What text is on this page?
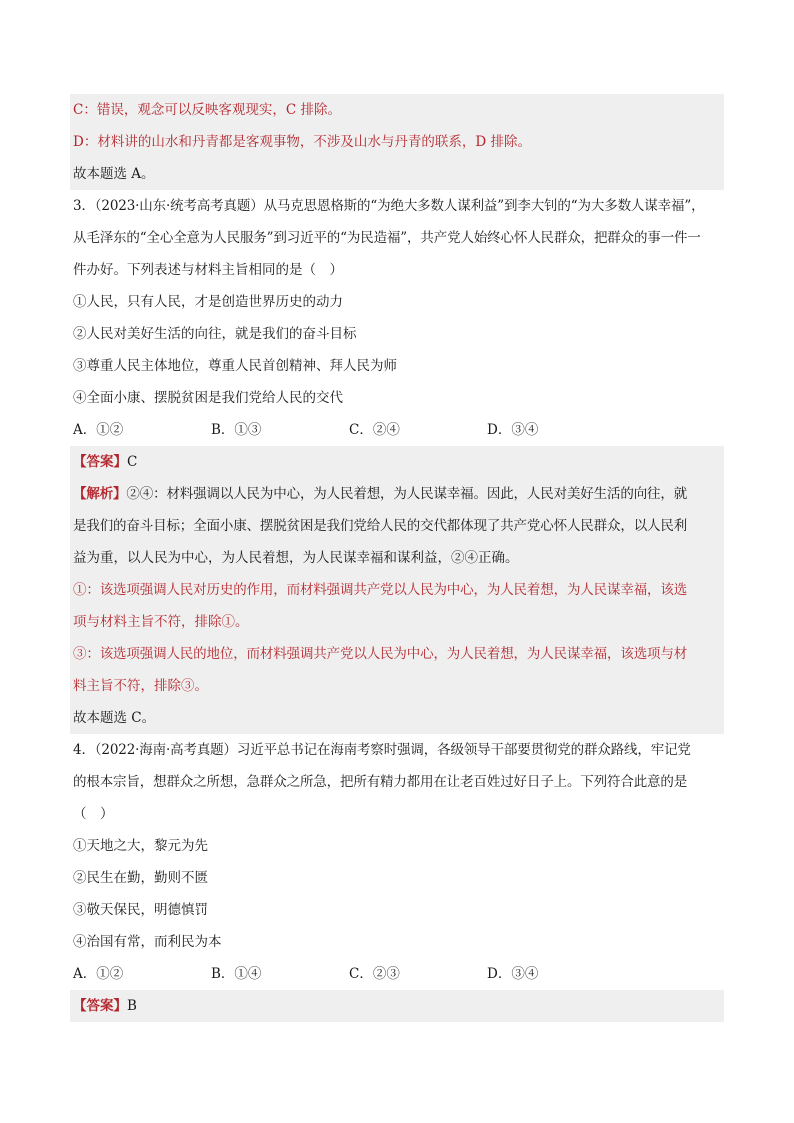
C：错误，观念可以反映客观现实，C 排除。
D：材料讲的山水和丹青都是客观事物，不涉及山水与丹青的联系，D 排除。
故本题选 A。
3．（2023·山东·统考高考真题）从马克思恩格斯的“为绝大多数人谋利益”到李大钊的“为大多数人谋幸福”，
从毛泽东的“全心全意为人民服务”到习近平的“为民造福”，共产党人始终心怀人民群众，把群众的事一件一
件办好。下列表述与材料主旨相同的是（　）
①人民，只有人民，才是创造世界历史的动力
②人民对美好生活的向往，就是我们的奋斗目标
③尊重人民主体地位，尊重人民首创精神、拜人民为师
④全面小康、摆脱贫困是我们党给人民的交代
A．①②	B．①③	C．②④	D．③④
【答案】C
【解析】②④：材料强调以人民为中心，为人民着想，为人民谋幸福。因此，人民对美好生活的向往，就
是我们的奋斗目标；全面小康、摆脱贫困是我们党给人民的交代都体现了共产党心怀人民群众，以人民利
益为重，以人民为中心，为人民着想，为人民谋幸福和谋利益，②④正确。
①：该选项强调人民对历史的作用，而材料强调共产党以人民为中心，为人民着想，为人民谋幸福，该选
项与材料主旨不符，排除①。
③：该选项强调人民的地位，而材料强调共产党以人民为中心，为人民着想，为人民谋幸福，该选项与材
料主旨不符，排除③。
故本题选 C。
4．（2022·海南·高考真题）习近平总书记在海南考察时强调，各级领导干部要贯彻党的群众路线，牢记党
的根本宗旨，想群众之所想，急群众之所急，把所有精力都用在让老百姓过好日子上。下列符合此意的是
（　）
①天地之大，黎元为先
②民生在勤，勤则不匮
③敬天保民，明德慎罚
④治国有常，而利民为本
A．①②	B．①④	C．②③	D．③④
【答案】B
